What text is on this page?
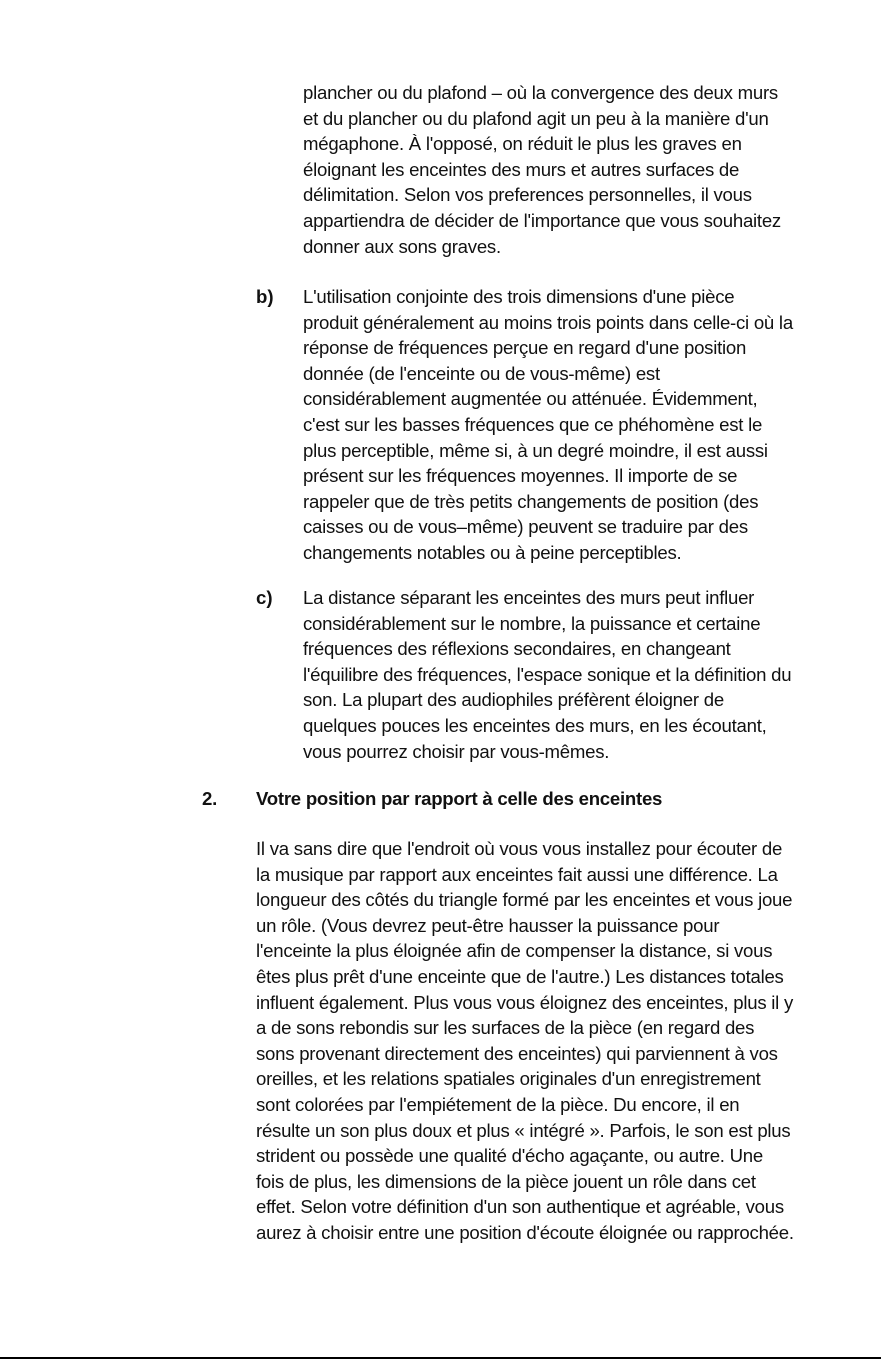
plancher ou du plafond – où la convergence des deux murs
et du plancher ou du plafond agit un peu à la manière d'un
mégaphone. À l'opposé, on réduit le plus les graves en
éloignant les enceintes des murs et autres surfaces de
délimitation. Selon vos preferences personnelles, il vous
appartiendra de décider de l'importance que vous souhaitez
donner aux sons graves.
b) L'utilisation conjointe des trois dimensions d'une pièce
produit généralement au moins trois points dans celle-ci où la
réponse de fréquences perçue en regard d'une position
donnée (de l'enceinte ou de vous-même) est
considérablement augmentée ou atténuée. Évidemment,
c'est sur les basses fréquences que ce phéhomène est le
plus perceptible, même si, à un degré moindre, il est aussi
présent sur les fréquences moyennes. Il importe de se
rappeler que de très petits changements de position (des
caisses ou de vous–même) peuvent se traduire par des
changements notables ou à peine perceptibles.
c) La distance séparant les enceintes des murs peut influer
considérablement sur le nombre, la puissance et certaine
fréquences des réflexions secondaires, en changeant
l'équilibre des fréquences, l'espace sonique et la définition du
son. La plupart des audiophiles préfèrent éloigner de
quelques pouces les enceintes des murs, en les écoutant,
vous pourrez choisir par vous-mêmes.
2. Votre position par rapport à celle des enceintes
Il va sans dire que l'endroit où vous vous installez pour écouter de
la musique par rapport aux enceintes fait aussi une différence. La
longueur des côtés du triangle formé par les enceintes et vous joue
un rôle. (Vous devrez peut-être hausser la puissance pour
l'enceinte la plus éloignée afin de compenser la distance, si vous
êtes plus prêt d'une enceinte que de l'autre.) Les distances totales
influent également. Plus vous vous éloignez des enceintes, plus il y
a de sons rebondis sur les surfaces de la pièce (en regard des
sons provenant directement des enceintes) qui parviennent à vos
oreilles, et les relations spatiales originales d'un enregistrement
sont colorées par l'empiétement de la pièce. Du encore, il en
résulte un son plus doux et plus « intégré ». Parfois, le son est plus
strident ou possède une qualité d'écho agaçante, ou autre. Une
fois de plus, les dimensions de la pièce jouent un rôle dans cet
effet. Selon votre définition d'un son authentique et agréable, vous
aurez à choisir entre une position d'écoute éloignée ou rapprochée.
